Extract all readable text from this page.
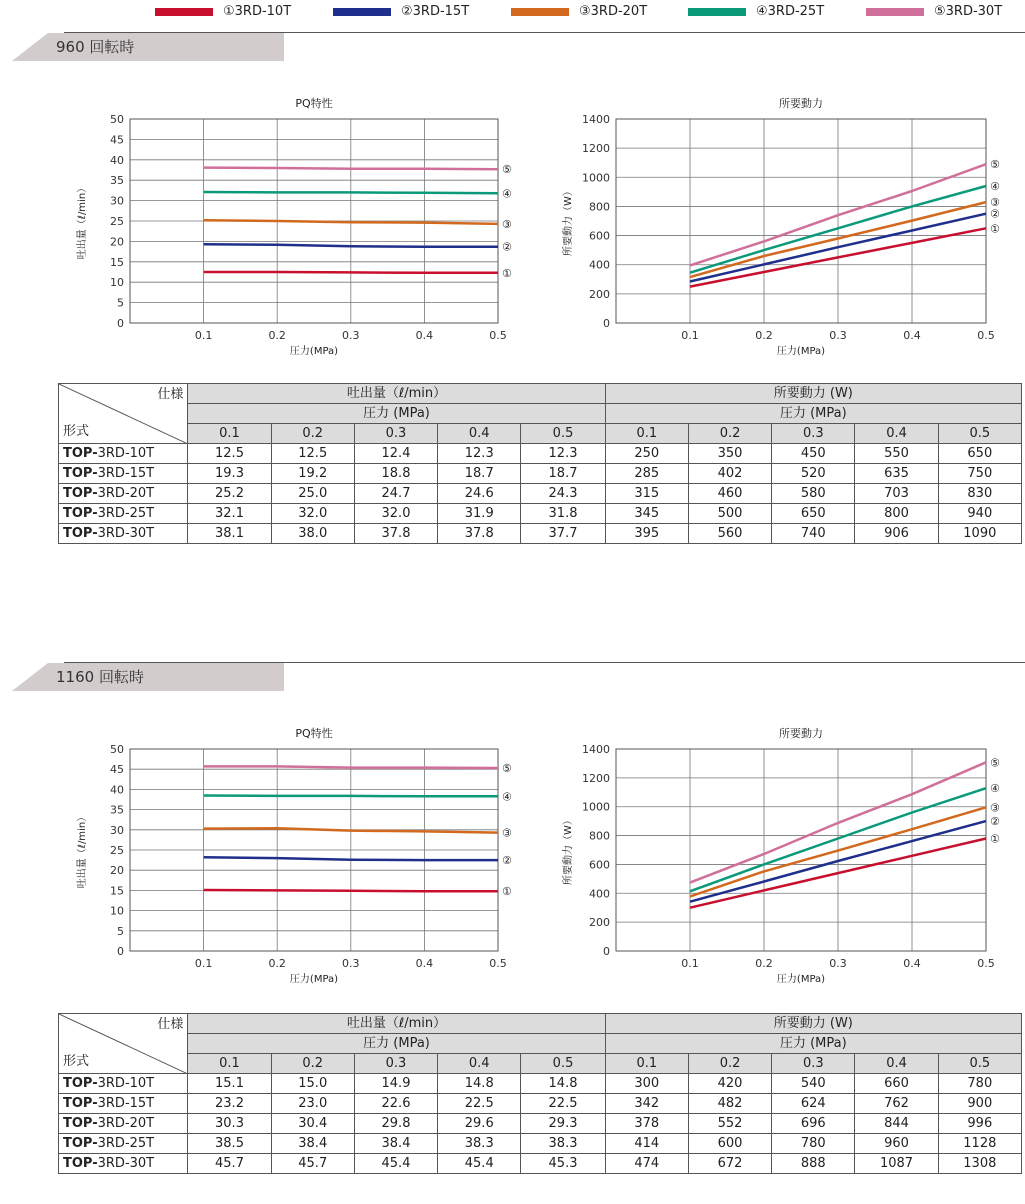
①3RD-10T	②3RD-15T	③3RD-20T	④3RD-25T	⑤3RD-30T
960 回転時
PQ特性
0
5
10
15
20
25
30
35
40
45
50
0.1	0.2	0.3	0.4	0.5
圧力(MPa)
吐出量（ℓ/min）
①
②
③
④
⑤
所要動力
0
200
400
600
800
1000
1200
1400
0.1	0.2	0.3	0.4	0.5
圧力(MPa)
所要動力（W）	①
②
③
④
⑤
仕様
形式	吐出量（ℓ/min）					所要動力 (W)				
	圧力 (MPa)					圧力 (MPa)				
	0.1	0.2	0.3	0.4	0.5	0.1	0.2	0.3	0.4	0.5
TOP-3RD-10T	12.5	12.5	12.4	12.3	12.3	250	350	450	550	650
TOP-3RD-15T	19.3	19.2	18.8	18.7	18.7	285	402	520	635	750
TOP-3RD-20T	25.2	25.0	24.7	24.6	24.3	315	460	580	703	830
TOP-3RD-25T	32.1	32.0	32.0	31.9	31.8	345	500	650	800	940
TOP-3RD-30T	38.1	38.0	37.8	37.8	37.7	395	560	740	906	1090
1160 回転時
PQ特性
0
5
10
15
20
25
30
35
40
45
50
0.1	0.2	0.3	0.4	0.5
圧力(MPa)
吐出量（ℓ/min）
①
②
③
④
⑤
所要動力
0
200
400
600
800
1000
1200
1400
0.1	0.2	0.3	0.4	0.5
圧力(MPa)
所要動力（W）	①
②
③
④
⑤
仕様
形式	吐出量（ℓ/min）					所要動力 (W)				
	圧力 (MPa)					圧力 (MPa)				
	0.1	0.2	0.3	0.4	0.5	0.1	0.2	0.3	0.4	0.5
TOP-3RD-10T	15.1	15.0	14.9	14.8	14.8	300	420	540	660	780
TOP-3RD-15T	23.2	23.0	22.6	22.5	22.5	342	482	624	762	900
TOP-3RD-20T	30.3	30.4	29.8	29.6	29.3	378	552	696	844	996
TOP-3RD-25T	38.5	38.4	38.4	38.3	38.3	414	600	780	960	1128
TOP-3RD-30T	45.7	45.7	45.4	45.4	45.3	474	672	888	1087	1308
